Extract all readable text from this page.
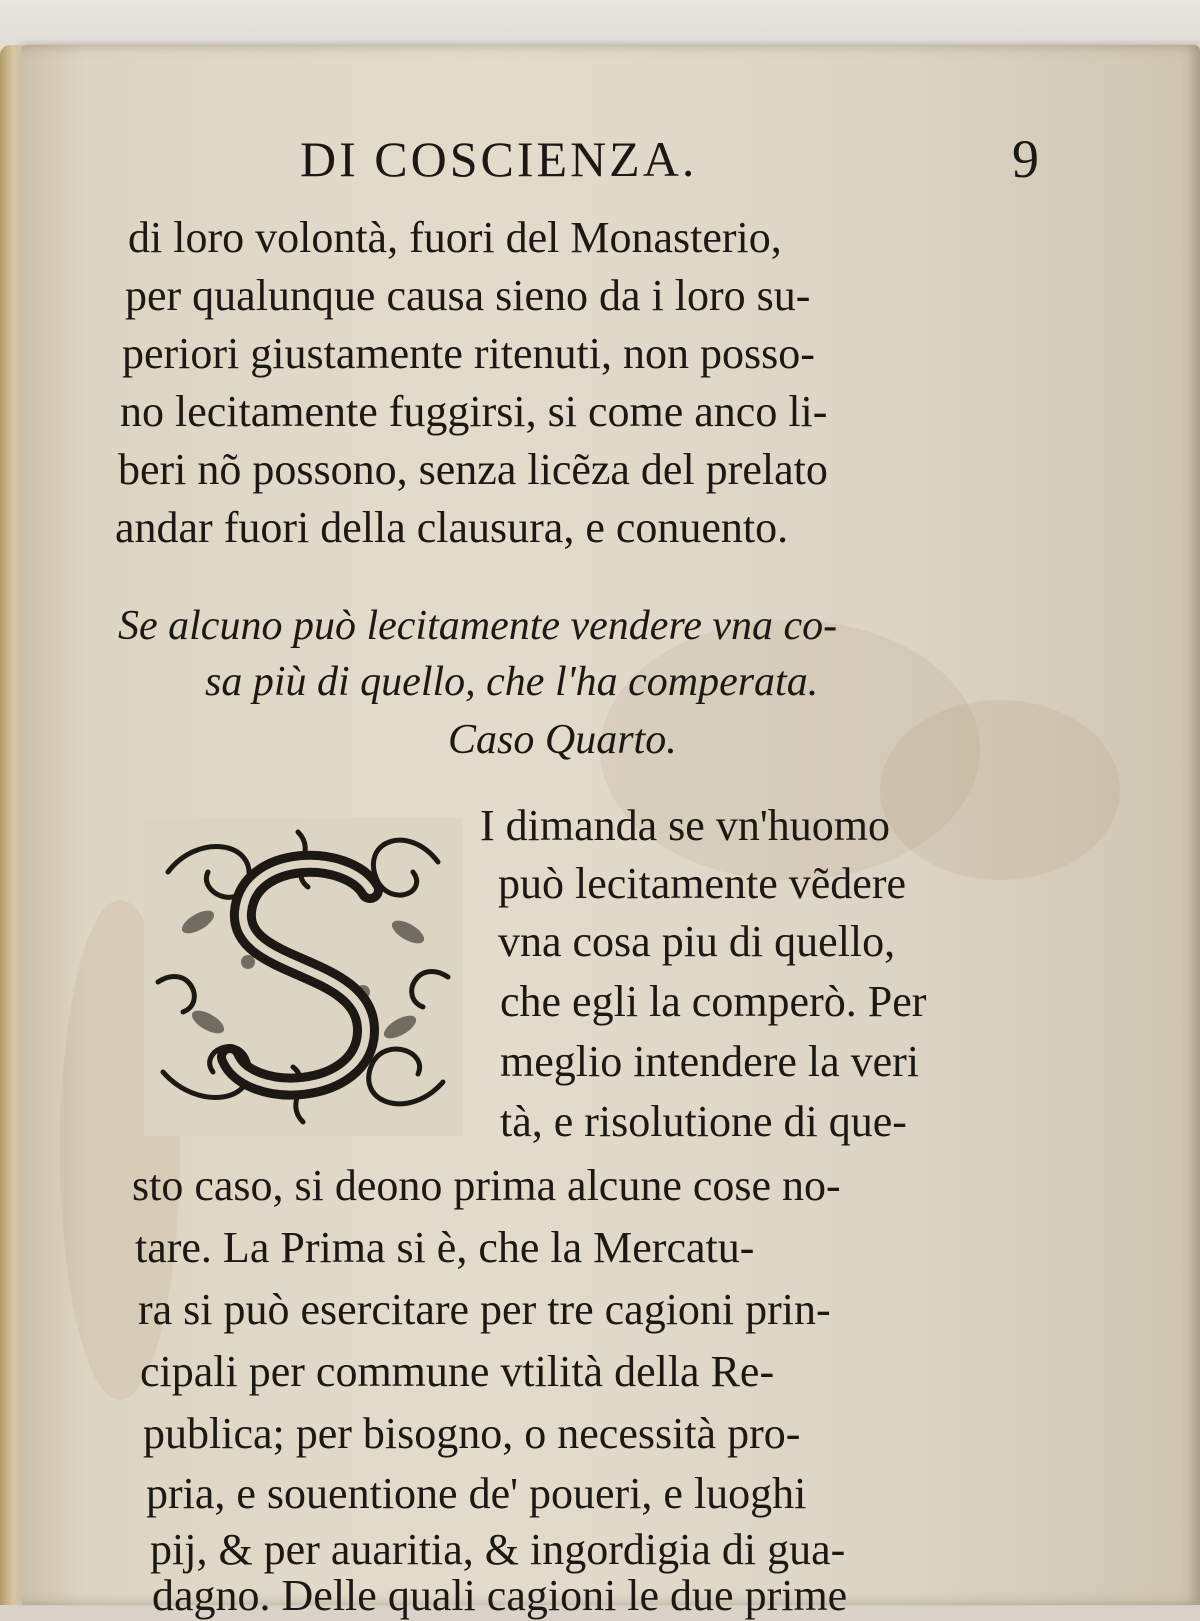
DI COSCIENZA.	9
di loro volontà, fuori del Monasterio,
per qualunque causa sieno da i loro su-
periori giustamente ritenuti, non posso-
no lecitamente fuggirsi, si come anco li-
beri nõ possono, senza licẽza del prelato
andar fuori della clausura, e conuento.
Se alcuno può lecitamente vendere vna co-
sa più di quello, che l'ha comperata.
Caso Quarto.
I dimanda se vn'huomo
può lecitamente vẽdere
vna cosa piu di quello,
che egli la comperò. Per
meglio intendere la veri
tà, e risolutione di que-
sto caso, si deono prima alcune cose no-
tare. La Prima si è, che la Mercatu-
ra si può esercitare per tre cagioni prin-
cipali per commune vtilità della Re-
publica; per bisogno, o necessità pro-
pria, e souentione de' poueri, e luoghi
pij, & per auaritia, & ingordigia di gua-
dagno. Delle quali cagioni le due prime
